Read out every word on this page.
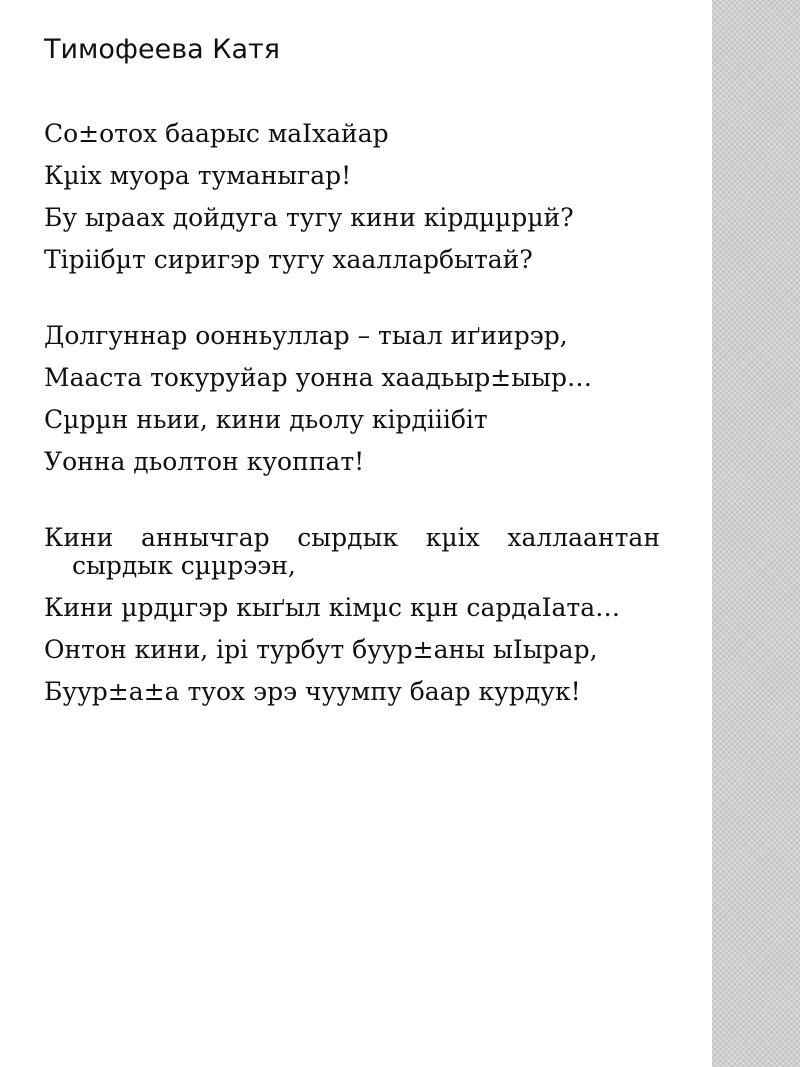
Тимофеева Катя

Со±отох баарыс маІхайар

Кµіх муора туманыгар!

Бу ыраах дойдуга тугу кини кірдµµрµй?

Тіріібµт сиригэр тугу хаалларбытай?

Долгуннар оонньуллар – тыал иґиирэр,

Мааста токуруйар уонна хаадьыр±ыыр…

Сµрµн ньии, кини дьолу кірдііібіт

Уонна дьолтон куоппат!

Кини аннычгар сырдык кµіх халлаантан сырдык сµµрээн,

Кини µрдµгэр кыґыл кімµс кµн сардаІата…

Онтон кини, ірі турбут буур±аны ыІырар,

Буур±а±а туох эрэ чуумпу баар курдук!
